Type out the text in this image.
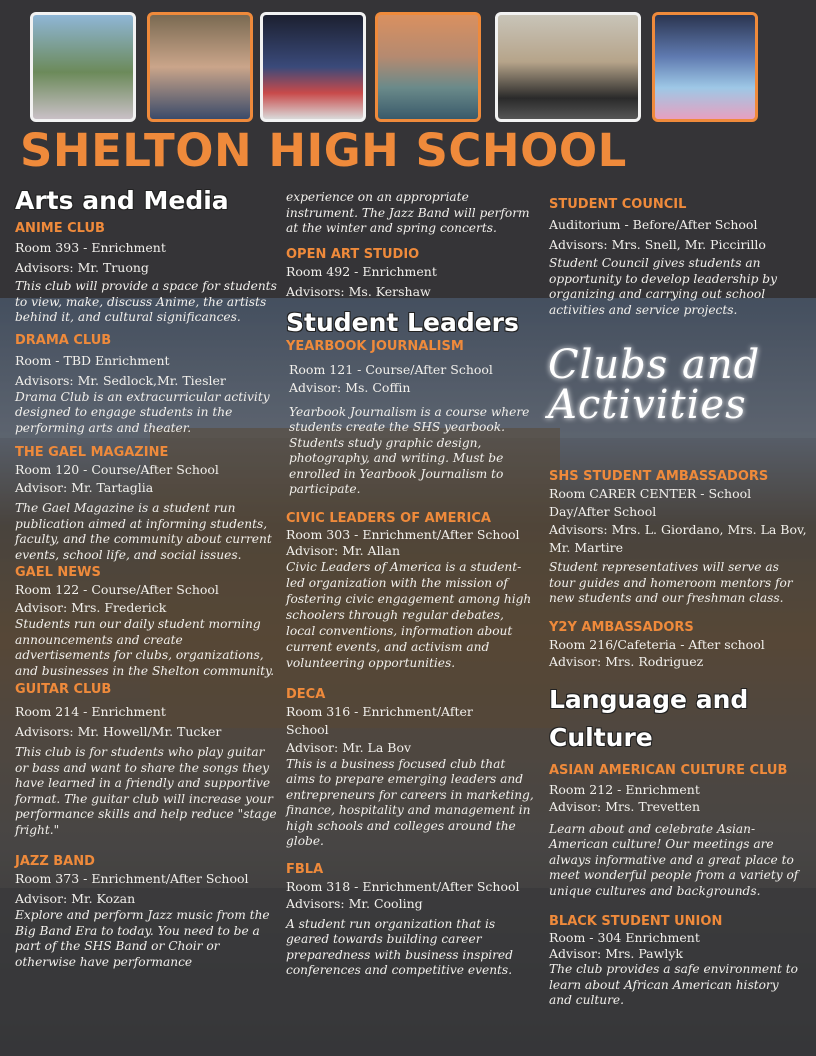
SHELTON HIGH SCHOOL
Arts and Media

ANIME CLUB

Room 393 - Enrichment

Advisors: Mr. Truong

This club will provide a space for students to view, make, discuss Anime, the artists behind it, and cultural significances.

DRAMA CLUB

Room - TBD Enrichment

Advisors: Mr. Sedlock,Mr. Tiesler

Drama Club is an extracurricular activity designed to engage students in the performing arts and theater.

THE GAEL MAGAZINE

Room 120 - Course/After School

Advisor: Mr. Tartaglia

The Gael Magazine is a student run publication aimed at informing students, faculty, and the community about current events, school life, and social issues.

GAEL NEWS

Room 122 - Course/After School

Advisor: Mrs. Frederick

Students run our daily student morning announcements and create advertisements for clubs, organizations, and businesses in the Shelton community.

GUITAR CLUB

Room 214 - Enrichment

Advisors: Mr. Howell/Mr. Tucker

This club is for students who play guitar or bass and want to share the songs they have learned in a friendly and supportive format. The guitar club will increase your performance skills and help reduce "stage fright."

JAZZ BAND

Room 373 - Enrichment/After School

Advisor: Mr. Kozan

Explore and perform Jazz music from the Big Band Era to today. You need to be a part of the SHS Band or Choir or otherwise have performance

experience on an appropriate instrument. The Jazz Band will perform at the winter and spring concerts.

OPEN ART STUDIO

Room 492 - Enrichment

Advisors: Ms. Kershaw

Student Leaders

YEARBOOK JOURNALISM

Room 121 - Course/After School

Advisor: Ms. Coffin

Yearbook Journalism is a course where students create the SHS yearbook. Students study graphic design, photography, and writing. Must be enrolled in Yearbook Journalism to participate.

CIVIC LEADERS OF AMERICA

Room 303 - Enrichment/After School

Advisor: Mr. Allan

Civic Leaders of America is a student-led organization with the mission of fostering civic engagement among high schoolers through regular debates, local conventions, information about current events, and activism and volunteering opportunities.

DECA

Room 316 - Enrichment/After

School

Advisor: Mr. La Bov

This is a business focused club that aims to prepare emerging leaders and entrepreneurs for careers in marketing, finance, hospitality and management in high schools and colleges around the globe.

FBLA

Room 318 - Enrichment/After School

Advisors: Mr. Cooling

A student run organization that is geared towards building career preparedness with business inspired conferences and competitive events.

STUDENT COUNCIL

Auditorium - Before/After School

Advisors: Mrs. Snell, Mr. Piccirillo

Student Council gives students an opportunity to develop leadership by organizing and carrying out school activities and service projects.

Clubs and Activities

SHS STUDENT AMBASSADORS

Room CARER CENTER - School

Day/After School

Advisors: Mrs. L. Giordano, Mrs. La Bov,

Mr. Martire

Student representatives will serve as tour guides and homeroom mentors for new students and our freshman class.

Y2Y AMBASSADORS

Room 216/Cafeteria - After school

Advisor: Mrs. Rodriguez

Language and Culture

ASIAN AMERICAN CULTURE CLUB

Room 212 - Enrichment

Advisor: Mrs. Trevetten

Learn about and celebrate Asian-American culture! Our meetings are always informative and a great place to meet wonderful people from a variety of unique cultures and backgrounds.

BLACK STUDENT UNION

Room - 304 Enrichment

Advisor: Mrs. Pawlyk

The club provides a safe environment to learn about African American history and culture.
